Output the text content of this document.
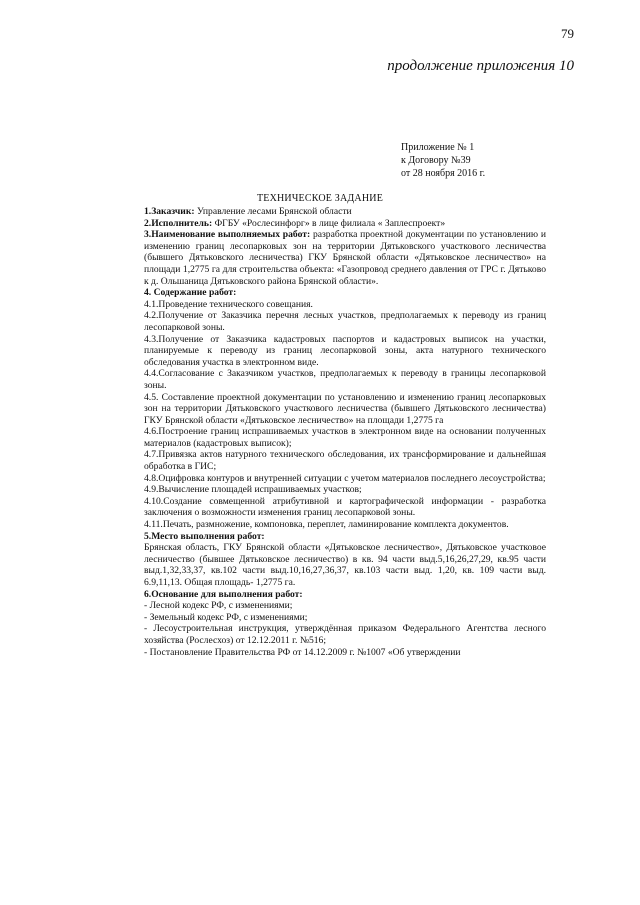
79
продолжение приложения 10
Приложение № 1
к Договору №39
от 28 ноября 2016 г.
ТЕХНИЧЕСКОЕ ЗАДАНИЕ

1.Заказчик: Управление лесами Брянской области

2.Исполнитель: ФГБУ «Рослесинфорг» в лице филиала « Заплеспроект»

3.Наименование выполняемых работ: разработка проектной документации по установлению и изменению границ лесопарковых зон на территории Дятьковского участкового лесничества (бывшего Дятьковского лесничества) ГКУ Брянской области «Дятьковское лесничество» на площади 1,2775 га для строительства объекта: «Газопровод среднего давления от ГРС г. Дятьково к д. Ольшаница Дятьковского района Брянской области».

4. Содержание работ:

4.1.Проведение технического совещания.

4.2.Получение от Заказчика перечня лесных участков, предполагаемых к переводу из границ лесопарковой зоны.

4.3.Получение от Заказчика кадастровых паспортов и кадастровых выписок на участки, планируемые к переводу из границ лесопарковой зоны, акта натурного технического обследования участка в электронном виде.

4.4.Согласование с Заказчиком участков, предполагаемых к переводу в границы лесопарковой зоны.

4.5. Составление проектной документации по установлению и изменению границ лесопарковых зон на территории Дятьковского участкового лесничества (бывшего Дятьковского лесничества) ГКУ Брянской области «Дятьковское лесничество» на площади 1,2775 га

4.6.Построение границ испрашиваемых участков в электронном виде на основании полученных материалов (кадастровых выписок);

4.7.Привязка актов натурного технического обследования, их трансформирование и дальнейшая обработка в ГИС;

4.8.Оцифровка контуров и внутренней ситуации с учетом материалов последнего лесоустройства;

4.9.Вычисление площадей испрашиваемых участков;

4.10.Создание совмещенной атрибутивной и картографической информации - разработка заключения о возможности изменения границ лесопарковой зоны.

4.11.Печать, размножение, компоновка, переплет, ламинирование комплекта документов.

5.Место выполнения работ:

Брянская область, ГКУ Брянской области «Дятьковское лесничество», Дятьковское участковое лесничество (бывшее Дятьковское лесничество) в кв. 94 части выд.5,16,26,27,29, кв.95 части выд.1,32,33,37, кв.102 части выд.10,16,27,36,37, кв.103 части выд. 1,20, кв. 109 части выд. 6.9,11,13. Общая площадь- 1,2775 га.

6.Основание для выполнения работ:

- Лесной кодекс РФ, с изменениями;

- Земельный кодекс РФ, с изменениями;

- Лесоустроительная инструкция, утверждённая приказом Федерального Агентства лесного хозяйства (Рослесхоз) от 12.12.2011 г. №516;

- Постановление Правительства РФ от 14.12.2009 г. №1007 «Об утверждении
